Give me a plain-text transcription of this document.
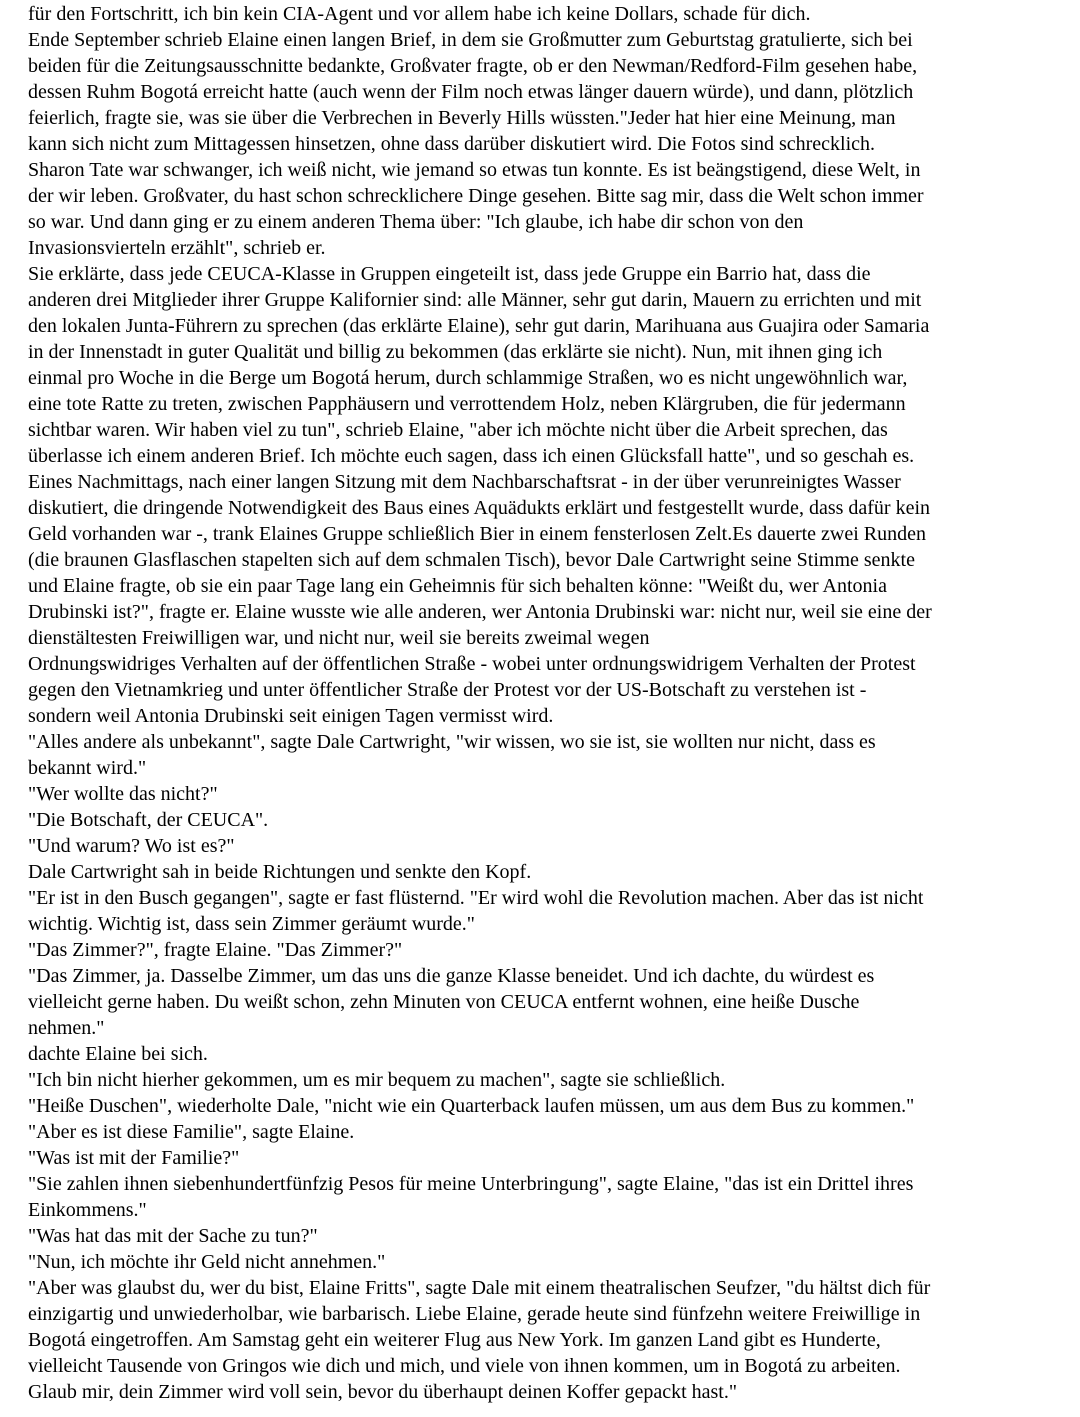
für den Fortschritt, ich bin kein CIA-Agent und vor allem habe ich keine Dollars, schade für dich.

Ende September schrieb Elaine einen langen Brief, in dem sie Großmutter zum Geburtstag gratulierte, sich bei
beiden für die Zeitungsausschnitte bedankte, Großvater fragte, ob er den Newman/Redford-Film gesehen habe,
dessen Ruhm Bogotá erreicht hatte (auch wenn der Film noch etwas länger dauern würde), und dann, plötzlich
feierlich, fragte sie, was sie über die Verbrechen in Beverly Hills wüssten."Jeder hat hier eine Meinung, man
kann sich nicht zum Mittagessen hinsetzen, ohne dass darüber diskutiert wird. Die Fotos sind schrecklich.
Sharon Tate war schwanger, ich weiß nicht, wie jemand so etwas tun konnte. Es ist beängstigend, diese Welt, in
der wir leben. Großvater, du hast schon schrecklichere Dinge gesehen. Bitte sag mir, dass die Welt schon immer
so war. Und dann ging er zu einem anderen Thema über: "Ich glaube, ich habe dir schon von den
Invasionsvierteln erzählt", schrieb er.

Sie erklärte, dass jede CEUCA-Klasse in Gruppen eingeteilt ist, dass jede Gruppe ein Barrio hat, dass die
anderen drei Mitglieder ihrer Gruppe Kalifornier sind: alle Männer, sehr gut darin, Mauern zu errichten und mit
den lokalen Junta-Führern zu sprechen (das erklärte Elaine), sehr gut darin, Marihuana aus Guajira oder Samaria
in der Innenstadt in guter Qualität und billig zu bekommen (das erklärte sie nicht). Nun, mit ihnen ging ich
einmal pro Woche in die Berge um Bogotá herum, durch schlammige Straßen, wo es nicht ungewöhnlich war,
eine tote Ratte zu treten, zwischen Papphäusern und verrottendem Holz, neben Klärgruben, die für jedermann
sichtbar waren. Wir haben viel zu tun", schrieb Elaine, "aber ich möchte nicht über die Arbeit sprechen, das
überlasse ich einem anderen Brief. Ich möchte euch sagen, dass ich einen Glücksfall hatte", und so geschah es.
Eines Nachmittags, nach einer langen Sitzung mit dem Nachbarschaftsrat - in der über verunreinigtes Wasser
diskutiert, die dringende Notwendigkeit des Baus eines Aquädukts erklärt und festgestellt wurde, dass dafür kein
Geld vorhanden war -, trank Elaines Gruppe schließlich Bier in einem fensterlosen Zelt.Es dauerte zwei Runden
(die braunen Glasflaschen stapelten sich auf dem schmalen Tisch), bevor Dale Cartwright seine Stimme senkte
und Elaine fragte, ob sie ein paar Tage lang ein Geheimnis für sich behalten könne: "Weißt du, wer Antonia
Drubinski ist?", fragte er. Elaine wusste wie alle anderen, wer Antonia Drubinski war: nicht nur, weil sie eine der
dienstältesten Freiwilligen war, und nicht nur, weil sie bereits zweimal wegen
Ordnungswidriges Verhalten auf der öffentlichen Straße - wobei unter ordnungswidrigem Verhalten der Protest
gegen den Vietnamkrieg und unter öffentlicher Straße der Protest vor der US-Botschaft zu verstehen ist -
sondern weil Antonia Drubinski seit einigen Tagen vermisst wird.

"Alles andere als unbekannt", sagte Dale Cartwright, "wir wissen, wo sie ist, sie wollten nur nicht, dass es
bekannt wird."

"Wer wollte das nicht?"

"Die Botschaft, der CEUCA".

"Und warum? Wo ist es?"

Dale Cartwright sah in beide Richtungen und senkte den Kopf.

"Er ist in den Busch gegangen", sagte er fast flüsternd. "Er wird wohl die Revolution machen. Aber das ist nicht
wichtig. Wichtig ist, dass sein Zimmer geräumt wurde."

"Das Zimmer?", fragte Elaine. "Das Zimmer?"

"Das Zimmer, ja. Dasselbe Zimmer, um das uns die ganze Klasse beneidet. Und ich dachte, du würdest es
vielleicht gerne haben. Du weißt schon, zehn Minuten von CEUCA entfernt wohnen, eine heiße Dusche
nehmen."

dachte Elaine bei sich.

"Ich bin nicht hierher gekommen, um es mir bequem zu machen", sagte sie schließlich.

"Heiße Duschen", wiederholte Dale, "nicht wie ein Quarterback laufen müssen, um aus dem Bus zu kommen."

"Aber es ist diese Familie", sagte Elaine.

"Was ist mit der Familie?"

"Sie zahlen ihnen siebenhundertfünfzig Pesos für meine Unterbringung", sagte Elaine, "das ist ein Drittel ihres
Einkommens."

"Was hat das mit der Sache zu tun?"

"Nun, ich möchte ihr Geld nicht annehmen."

"Aber was glaubst du, wer du bist, Elaine Fritts", sagte Dale mit einem theatralischen Seufzer, "du hältst dich für
einzigartig und unwiederholbar, wie barbarisch. Liebe Elaine, gerade heute sind fünfzehn weitere Freiwillige in
Bogotá eingetroffen. Am Samstag geht ein weiterer Flug aus New York. Im ganzen Land gibt es Hunderte,
vielleicht Tausende von Gringos wie dich und mich, und viele von ihnen kommen, um in Bogotá zu arbeiten.
Glaub mir, dein Zimmer wird voll sein, bevor du überhaupt deinen Koffer gepackt hast."
